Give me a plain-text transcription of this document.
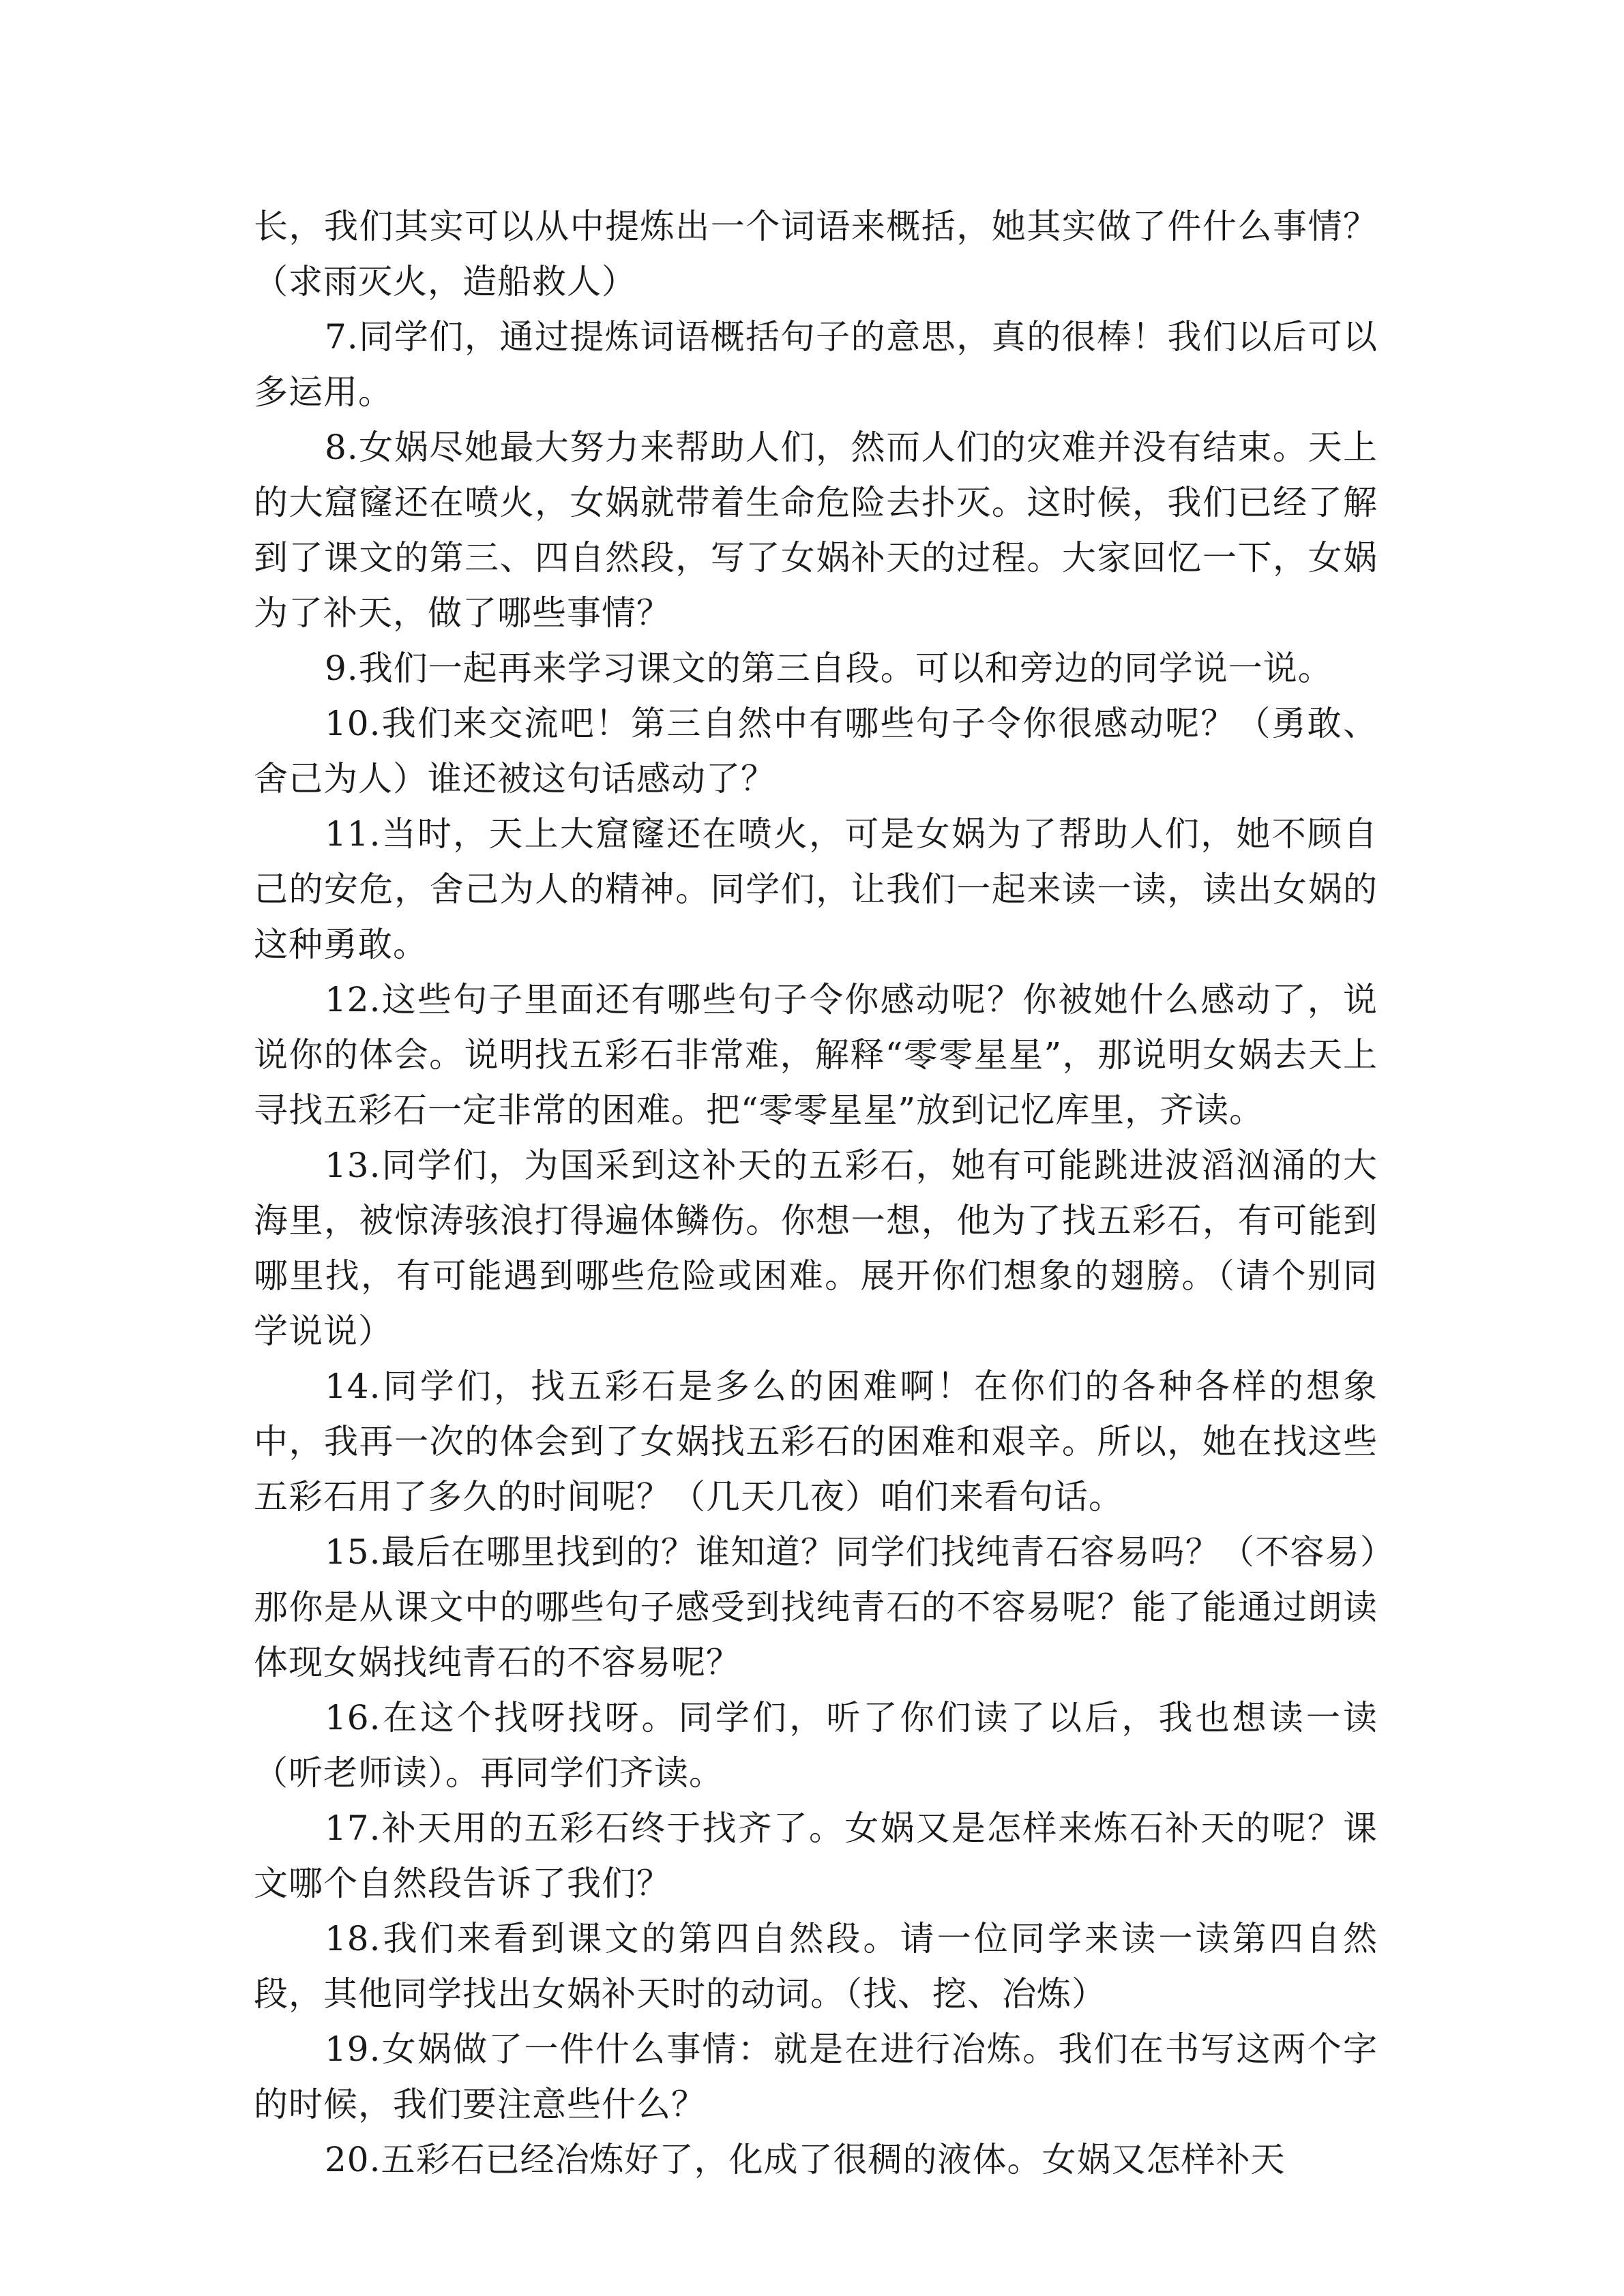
长，我们其实可以从中提炼出一个词语来概括，她其实做了件什么事情？（求雨灭火，造船救人）

7.同学们，通过提炼词语概括句子的意思，真的很棒！我们以后可以多运用。

8.女娲尽她最大努力来帮助人们，然而人们的灾难并没有结束。天上的大窟窿还在喷火，女娲就带着生命危险去扑灭。这时候，我们已经了解到了课文的第三、四自然段，写了女娲补天的过程。大家回忆一下，女娲为了补天，做了哪些事情？

9.我们一起再来学习课文的第三自段。可以和旁边的同学说一说。

10.我们来交流吧！第三自然中有哪些句子令你很感动呢？（勇敢、舍己为人）谁还被这句话感动了？

11.当时，天上大窟窿还在喷火，可是女娲为了帮助人们，她不顾自己的安危，舍己为人的精神。同学们，让我们一起来读一读，读出女娲的这种勇敢。

12.这些句子里面还有哪些句子令你感动呢？你被她什么感动了，说说你的体会。说明找五彩石非常难，解释“零零星星”，那说明女娲去天上寻找五彩石一定非常的困难。把“零零星星”放到记忆库里，齐读。

13.同学们，为国采到这补天的五彩石，她有可能跳进波滔汹涌的大海里，被惊涛骇浪打得遍体鳞伤。你想一想，他为了找五彩石，有可能到哪里找，有可能遇到哪些危险或困难。展开你们想象的翅膀。（请个别同学说说）

14.同学们，找五彩石是多么的困难啊！在你们的各种各样的想象中，我再一次的体会到了女娲找五彩石的困难和艰辛。所以，她在找这些五彩石用了多久的时间呢？（几天几夜）咱们来看句话。

15.最后在哪里找到的？谁知道？同学们找纯青石容易吗？（不容易）那你是从课文中的哪些句子感受到找纯青石的不容易呢？能了能通过朗读体现女娲找纯青石的不容易呢？

16.在这个找呀找呀。同学们，听了你们读了以后，我也想读一读（听老师读）。再同学们齐读。

17.补天用的五彩石终于找齐了。女娲又是怎样来炼石补天的呢？课文哪个自然段告诉了我们？

18.我们来看到课文的第四自然段。请一位同学来读一读第四自然段，其他同学找出女娲补天时的动词。（找、挖、冶炼）

19.女娲做了一件什么事情：就是在进行冶炼。我们在书写这两个字的时候，我们要注意些什么？

20.五彩石已经冶炼好了，化成了很稠的液体。女娲又怎样补天
